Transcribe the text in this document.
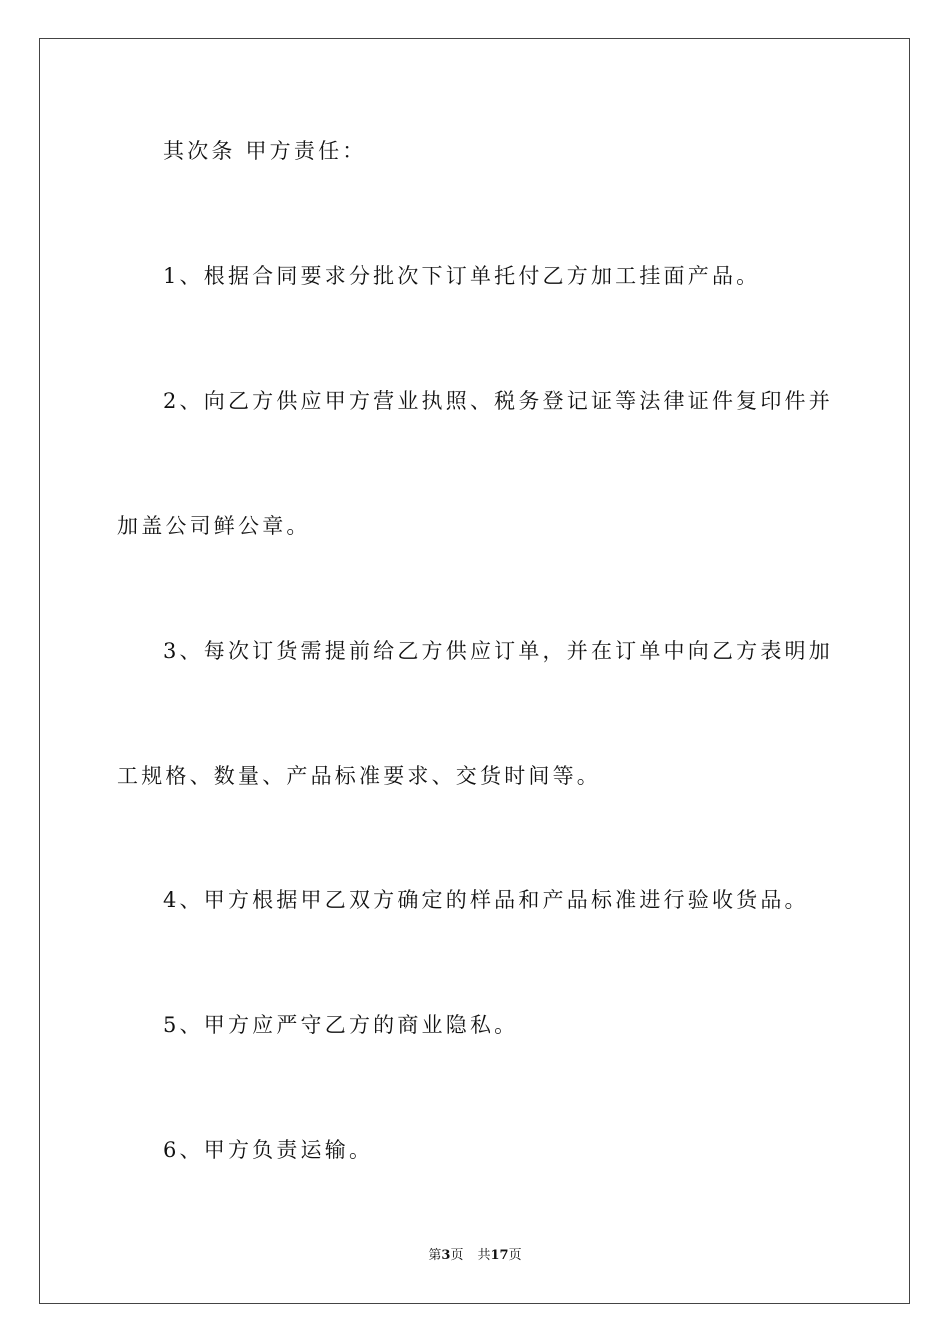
其次条 甲方责任：
1、根据合同要求分批次下订单托付乙方加工挂面产品。
2、向乙方供应甲方营业执照、税务登记证等法律证件复印件并
加盖公司鲜公章。
3、每次订货需提前给乙方供应订单，并在订单中向乙方表明加
工规格、数量、产品标准要求、交货时间等。
4、甲方根据甲乙双方确定的样品和产品标准进行验收货品。
5、甲方应严守乙方的商业隐私。
6、甲方负责运输。
第3页 共17页
